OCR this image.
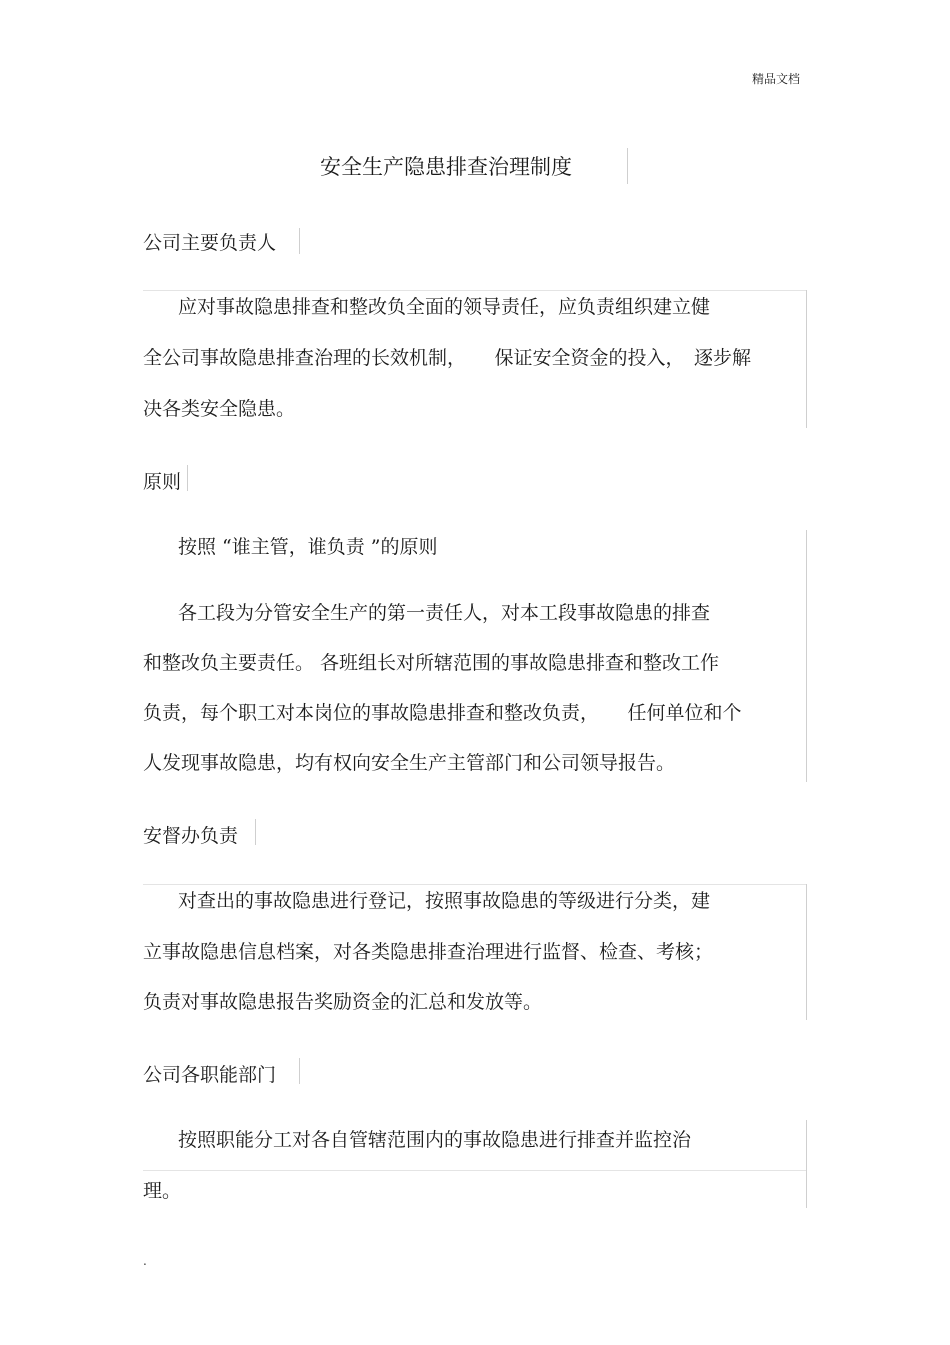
精品文档
安全生产隐患排查治理制度
公司主要负责人
应对事故隐患排查和整改负全面的领导责任，应负责组织建立健
全公司事故隐患排查治理的长效机制，　　保证安全资金的投入，　逐步解
决各类安全隐患。
原则
按照 “谁主管，谁负责 ”的原则
各工段为分管安全生产的第一责任人，对本工段事故隐患的排查
和整改负主要责任。 各班组长对所辖范围的事故隐患排查和整改工作
负责，每个职工对本岗位的事故隐患排查和整改负责，　　任何单位和个
人发现事故隐患，均有权向安全生产主管部门和公司领导报告。
安督办负责
对查出的事故隐患进行登记，按照事故隐患的等级进行分类，建
立事故隐患信息档案，对各类隐患排查治理进行监督、检查、考核；
负责对事故隐患报告奖励资金的汇总和发放等。
公司各职能部门
按照职能分工对各自管辖范围内的事故隐患进行排查并监控治
理。
.
